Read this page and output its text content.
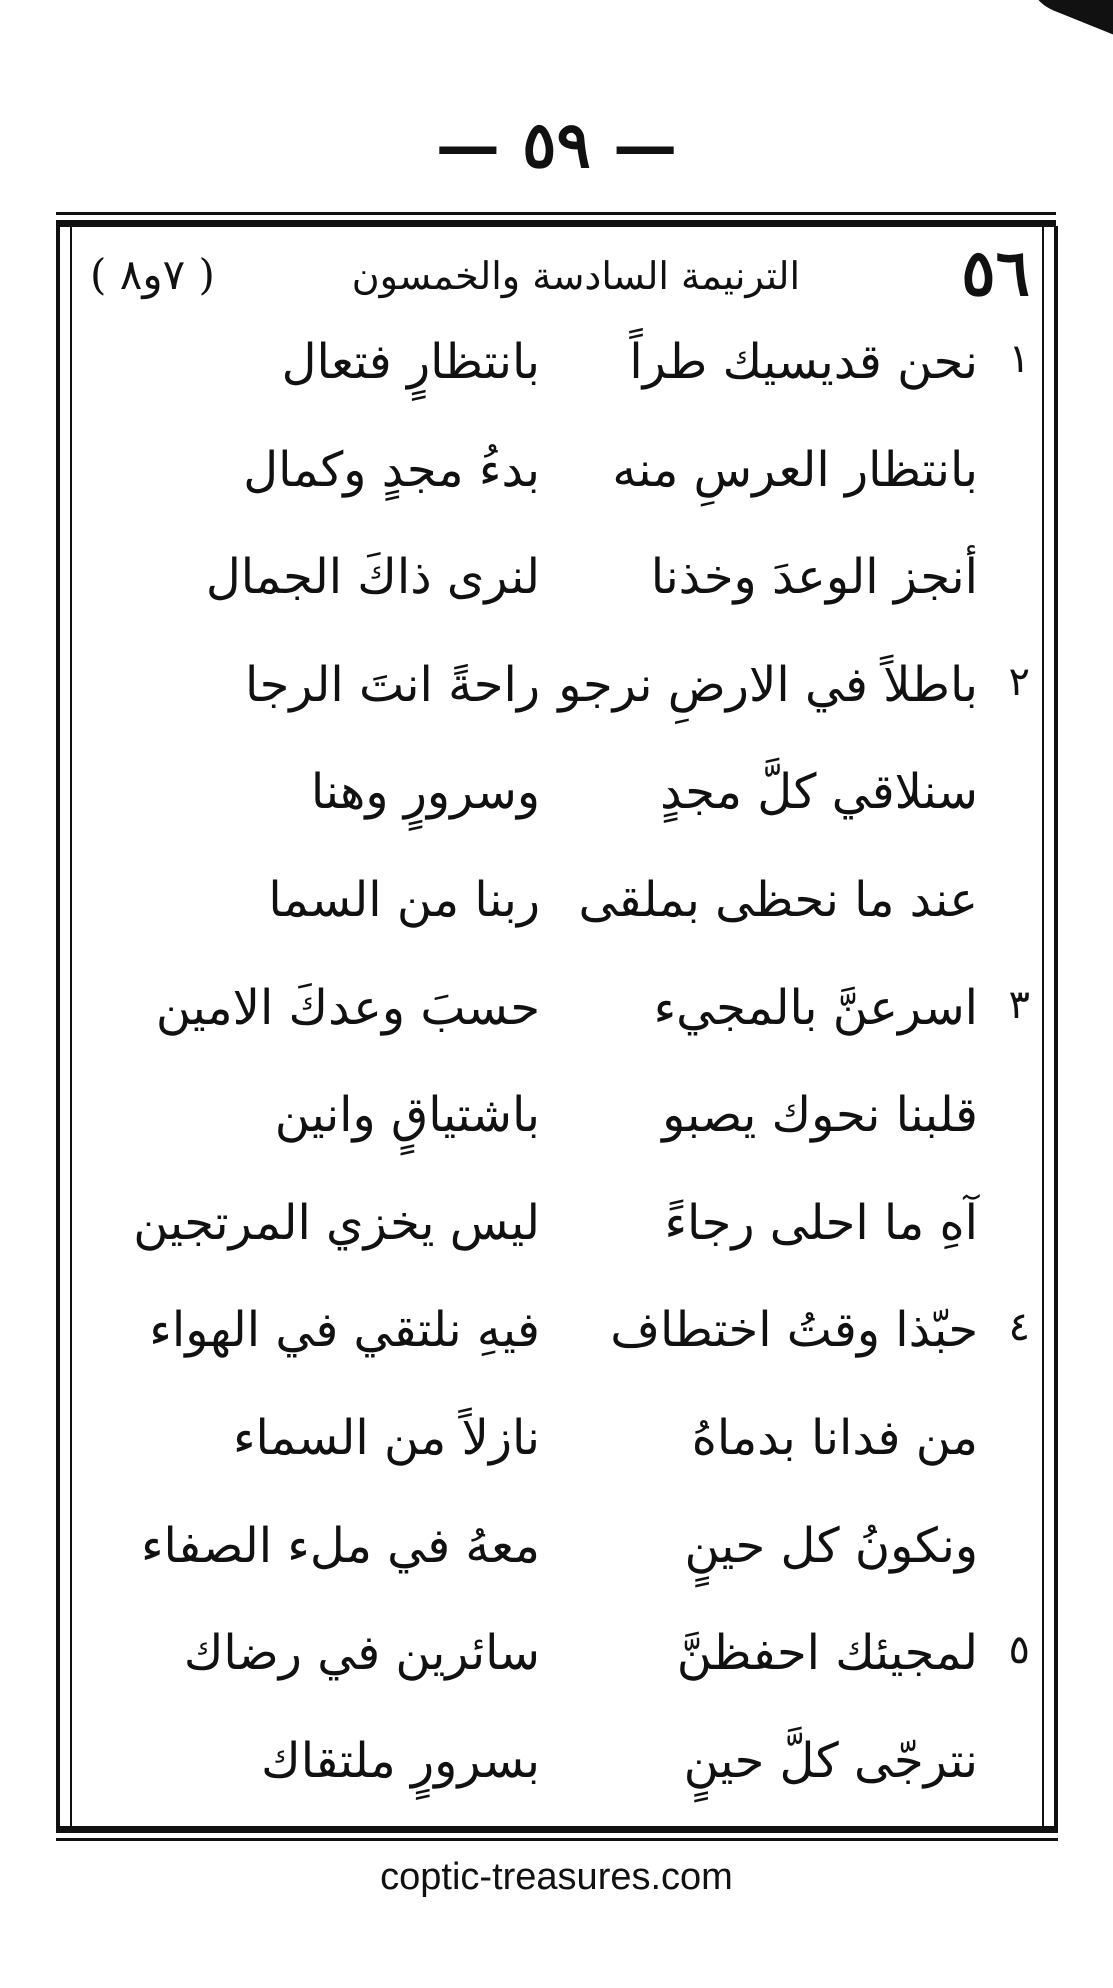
— ٥٩ —
٥٦
الترنيمة السادسة والخمسون
( ٧و٨ )
١
نحن قديسيك طراً
بانتظارٍ فتعال
بانتظار العرسِ منه
بدءُ مجدٍ وكمال
أنجز الوعدَ وخذنا
لنرى ذاكَ الجمال
٢
باطلاً في الارضِ نرجو
راحةً انتَ الرجا
سنلاقي كلَّ مجدٍ
وسرورٍ وهنا
عند ما نحظى بملقى
ربنا من السما
٣
اسرعنَّ بالمجيء
حسبَ وعدكَ الامين
قلبنا نحوك يصبو
باشتياقٍ وانين
آهِ ما احلى رجاءً
ليس يخزي المرتجين
٤
حبّذا وقتُ اختطاف
فيهِ نلتقي في الهواء
من فدانا بدماهُ
نازلاً من السماء
ونكونُ كل حينٍ
معهُ في ملء الصفاء
٥
لمجيئك احفظنَّ
سائرين في رضاك
نترجّى كلَّ حينٍ
بسرورٍ ملتقاك
coptic-treasures.com
